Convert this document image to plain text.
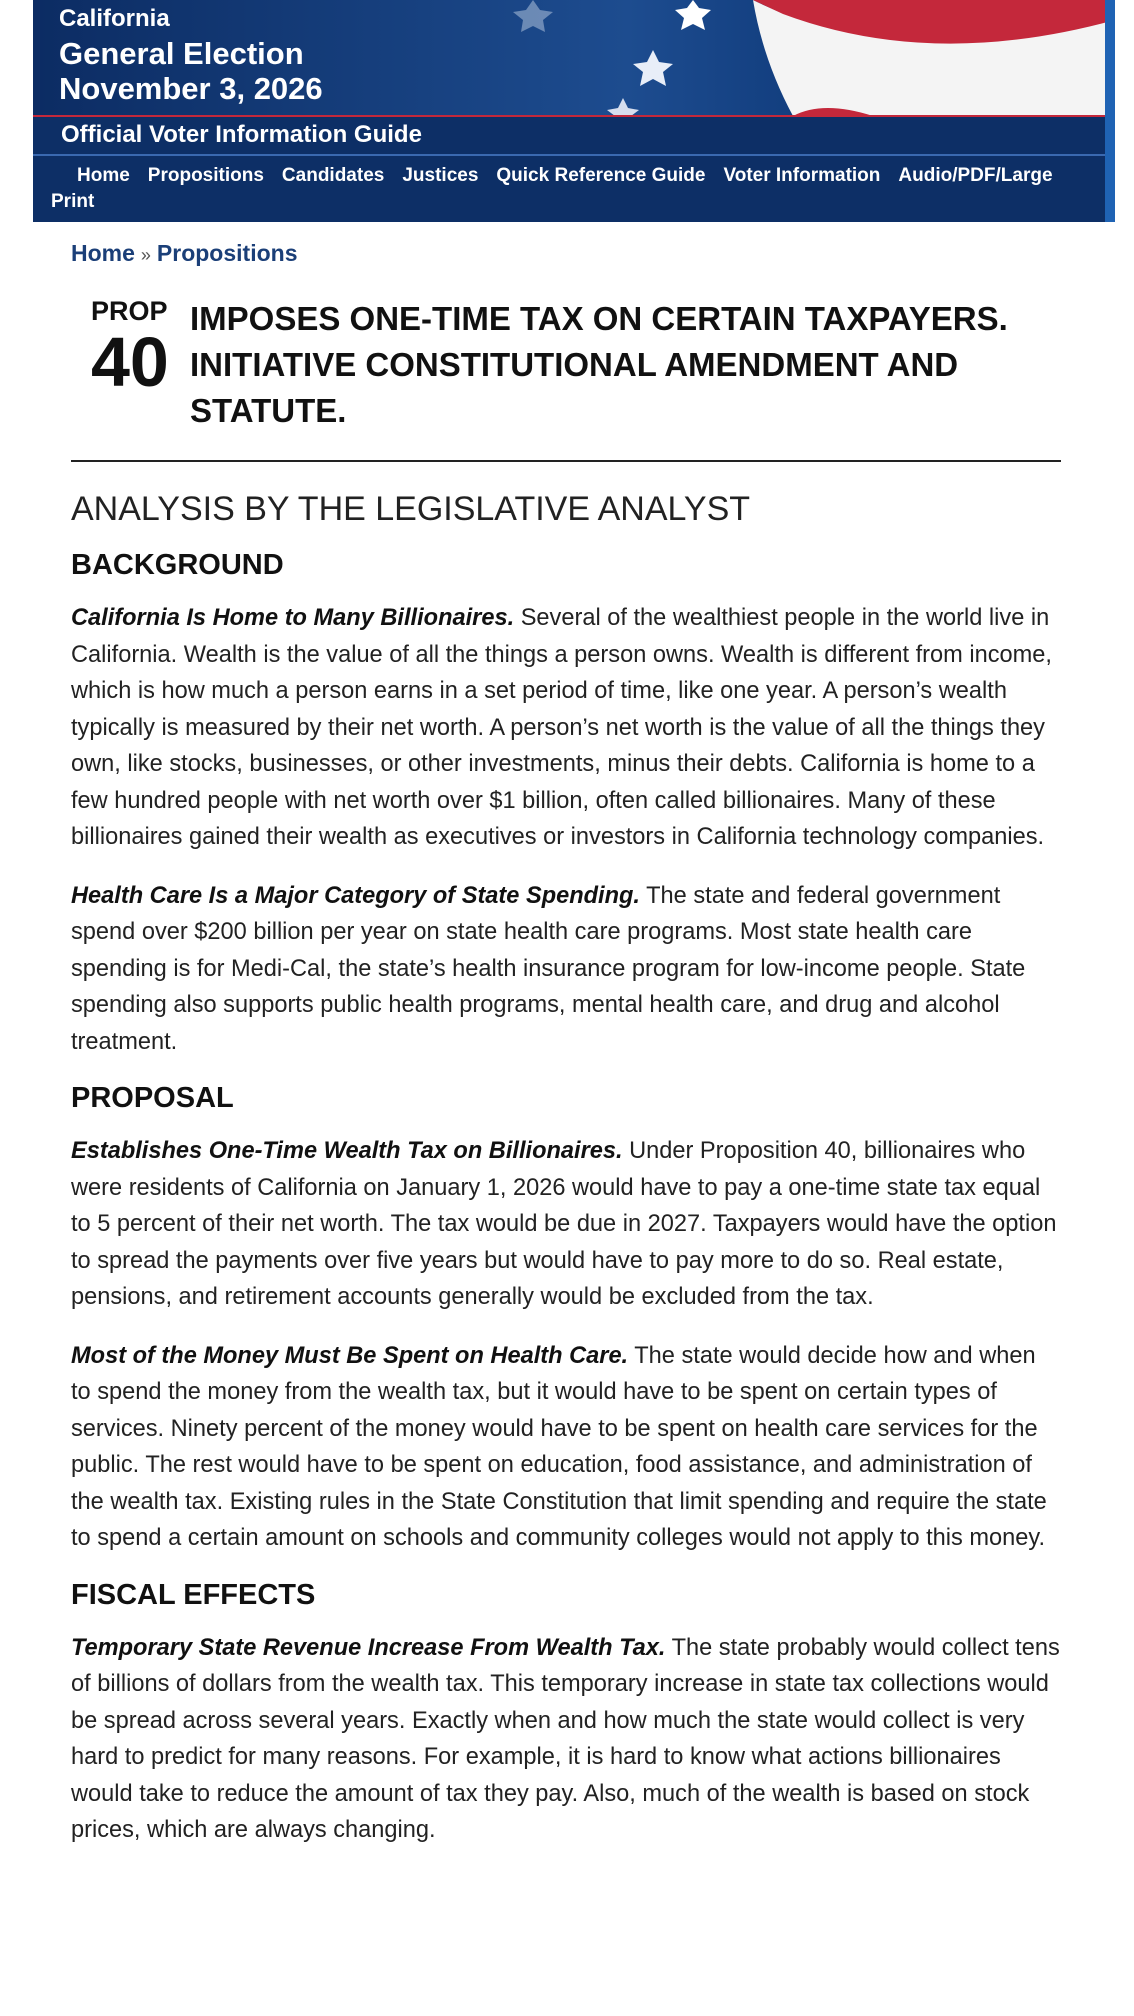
California
General Election
November 3, 2026
Official Voter Information Guide
Home Propositions Candidates Justices Quick Reference Guide Voter Information Audio/PDF/Large Print
Home » Propositions
PROP
40
IMPOSES ONE-TIME TAX ON CERTAIN TAXPAYERS. INITIATIVE CONSTITUTIONAL AMENDMENT AND STATUTE.
ANALYSIS BY THE LEGISLATIVE ANALYST
BACKGROUND

California Is Home to Many Billionaires. Several of the wealthiest people in the world live in California. Wealth is the value of all the things a person owns. Wealth is different from income, which is how much a person earns in a set period of time, like one year. A person’s wealth typically is measured by their net worth. A person’s net worth is the value of all the things they own, like stocks, businesses, or other investments, minus their debts. California is home to a few hundred people with net worth over $1 billion, often called billionaires. Many of these billionaires gained their wealth as executives or investors in California technology companies.

Health Care Is a Major Category of State Spending. The state and federal government spend over $200 billion per year on state health care programs. Most state health care spending is for Medi-Cal, the state’s health insurance program for low-income people. State spending also supports public health programs, mental health care, and drug and alcohol treatment.

PROPOSAL

Establishes One-Time Wealth Tax on Billionaires. Under Proposition 40, billionaires who were residents of California on January 1, 2026 would have to pay a one-time state tax equal to 5 percent of their net worth. The tax would be due in 2027. Taxpayers would have the option to spread the payments over five years but would have to pay more to do so. Real estate, pensions, and retirement accounts generally would be excluded from the tax.

Most of the Money Must Be Spent on Health Care. The state would decide how and when to spend the money from the wealth tax, but it would have to be spent on certain types of services. Ninety percent of the money would have to be spent on health care services for the public. The rest would have to be spent on education, food assistance, and administration of the wealth tax. Existing rules in the State Constitution that limit spending and require the state to spend a certain amount on schools and community colleges would not apply to this money.

FISCAL EFFECTS

Temporary State Revenue Increase From Wealth Tax. The state probably would collect tens of billions of dollars from the wealth tax. This temporary increase in state tax collections would be spread across several years. Exactly when and how much the state would collect is very hard to predict for many reasons. For example, it is hard to know what actions billionaires would take to reduce the amount of tax they pay. Also, much of the wealth is based on stock prices, which are always changing.
